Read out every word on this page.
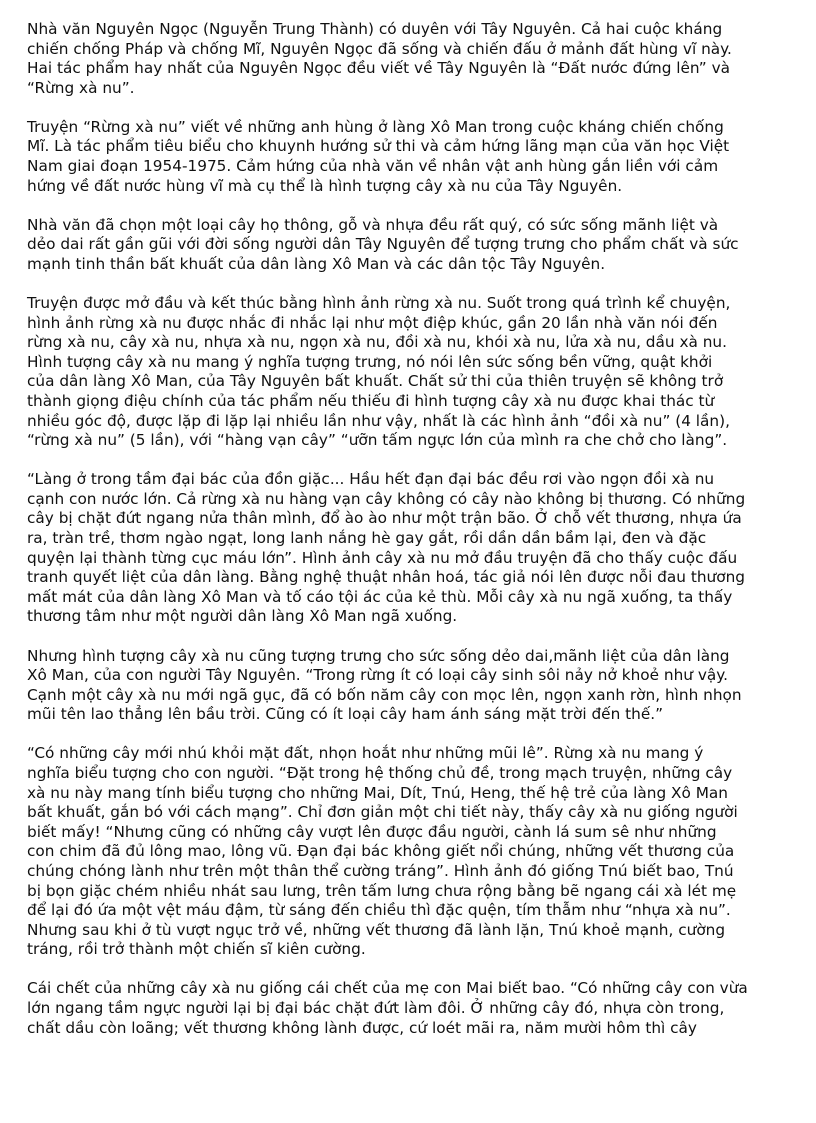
Nhà văn Nguyên Ngọc (Nguyễn Trung Thành) có duyên với Tây Nguyên. Cả hai cuộc kháng
chiến chống Pháp và chống Mĩ, Nguyên Ngọc đã sống và chiến đấu ở mảnh đất hùng vĩ này.
Hai tác phẩm hay nhất của Nguyên Ngọc đều viết về Tây Nguyên là “Đất nước đứng lên” và
“Rừng xà nu”.

Truyện “Rừng xà nu” viết về những anh hùng ở làng Xô Man trong cuộc kháng chiến chống
Mĩ. Là tác phẩm tiêu biểu cho khuynh hướng sử thi và cảm hứng lãng mạn của văn học Việt
Nam giai đoạn 1954-1975. Cảm hứng của nhà văn về nhân vật anh hùng gắn liền với cảm
hứng về đất nước hùng vĩ mà cụ thể là hình tượng cây xà nu của Tây Nguyên.

Nhà văn đã chọn một loại cây họ thông, gỗ và nhựa đều rất quý, có sức sống mãnh liệt và
dẻo dai rất gần gũi với đời sống người dân Tây Nguyên để tượng trưng cho phẩm chất và sức
mạnh tinh thần bất khuất của dân làng Xô Man và các dân tộc Tây Nguyên.

Truyện được mở đầu và kết thúc bằng hình ảnh rừng xà nu. Suốt trong quá trình kể chuyện,
hình ảnh rừng xà nu được nhắc đi nhắc lại như một điệp khúc, gần 20 lần nhà văn nói đến
rừng xà nu, cây xà nu, nhựa xà nu, ngọn xà nu, đồi xà nu, khói xà nu, lửa xà nu, dầu xà nu.
Hình tượng cây xà nu mang ý nghĩa tượng trưng, nó nói lên sức sống bền vững, quật khởi
của dân làng Xô Man, của Tây Nguyên bất khuất. Chất sử thi của thiên truyện sẽ không trở
thành giọng điệu chính của tác phẩm nếu thiếu đi hình tượng cây xà nu được khai thác từ
nhiều góc độ, được lặp đi lặp lại nhiều lần như vậy, nhất là các hình ảnh “đồi xà nu” (4 lần),
“rừng xà nu” (5 lần), với “hàng vạn cây” “ưỡn tấm ngực lớn của mình ra che chở cho làng”.

“Làng ở trong tầm đại bác của đồn giặc... Hầu hết đạn đại bác đều rơi vào ngọn đồi xà nu
cạnh con nước lớn. Cả rừng xà nu hàng vạn cây không có cây nào không bị thương. Có những
cây bị chặt đứt ngang nửa thân mình, đổ ào ào như một trận bão. Ở chỗ vết thương, nhựa ứa
ra, tràn trề, thơm ngào ngạt, long lanh nắng hè gay gắt, rồi dần dần bầm lại, đen và đặc
quyện lại thành từng cục máu lớn”. Hình ảnh cây xà nu mở đầu truyện đã cho thấy cuộc đấu
tranh quyết liệt của dân làng. Bằng nghệ thuật nhân hoá, tác giả nói lên được nỗi đau thương
mất mát của dân làng Xô Man và tố cáo tội ác của kẻ thù. Mỗi cây xà nu ngã xuống, ta thấy
thương tâm như một người dân làng Xô Man ngã xuống.

Nhưng hình tượng cây xà nu cũng tượng trưng cho sức sống dẻo dai,mãnh liệt của dân làng
Xô Man, của con người Tây Nguyên. “Trong rừng ít có loại cây sinh sôi nảy nở khoẻ như vậy.
Cạnh một cây xà nu mới ngã gục, đã có bốn năm cây con mọc lên, ngọn xanh rờn, hình nhọn
mũi tên lao thẳng lên bầu trời. Cũng có ít loại cây ham ánh sáng mặt trời đến thế.”

“Có những cây mới nhú khỏi mặt đất, nhọn hoắt như những mũi lê”. Rừng xà nu mang ý
nghĩa biểu tượng cho con người. “Đặt trong hệ thống chủ đề, trong mạch truyện, những cây
xà nu này mang tính biểu tượng cho những Mai, Dít, Tnú, Heng, thế hệ trẻ của làng Xô Man
bất khuất, gắn bó với cách mạng”. Chỉ đơn giản một chi tiết này, thấy cây xà nu giống người
biết mấy! “Nhưng cũng có những cây vượt lên được đầu người, cành lá sum sê như những
con chim đã đủ lông mao, lông vũ. Đạn đại bác không giết nổi chúng, những vết thương của
chúng chóng lành như trên một thân thể cường tráng”. Hình ảnh đó giống Tnú biết bao, Tnú
bị bọn giặc chém nhiều nhát sau lưng, trên tấm lưng chưa rộng bằng bẽ ngang cái xà lét mẹ
để lại đó ứa một vệt máu đậm, từ sáng đến chiều thì đặc quện, tím thẫm như “nhựa xà nu”.
Nhưng sau khi ở tù vượt ngục trở về, những vết thương đã lành lặn, Tnú khoẻ mạnh, cường
tráng, rồi trở thành một chiến sĩ kiên cường.

Cái chết của những cây xà nu giống cái chết của mẹ con Mai biết bao. “Có những cây con vừa
lớn ngang tầm ngực người lại bị đại bác chặt đứt làm đôi. Ở những cây đó, nhựa còn trong,
chất dầu còn loãng; vết thương không lành được, cứ loét mãi ra, năm mười hôm thì cây
